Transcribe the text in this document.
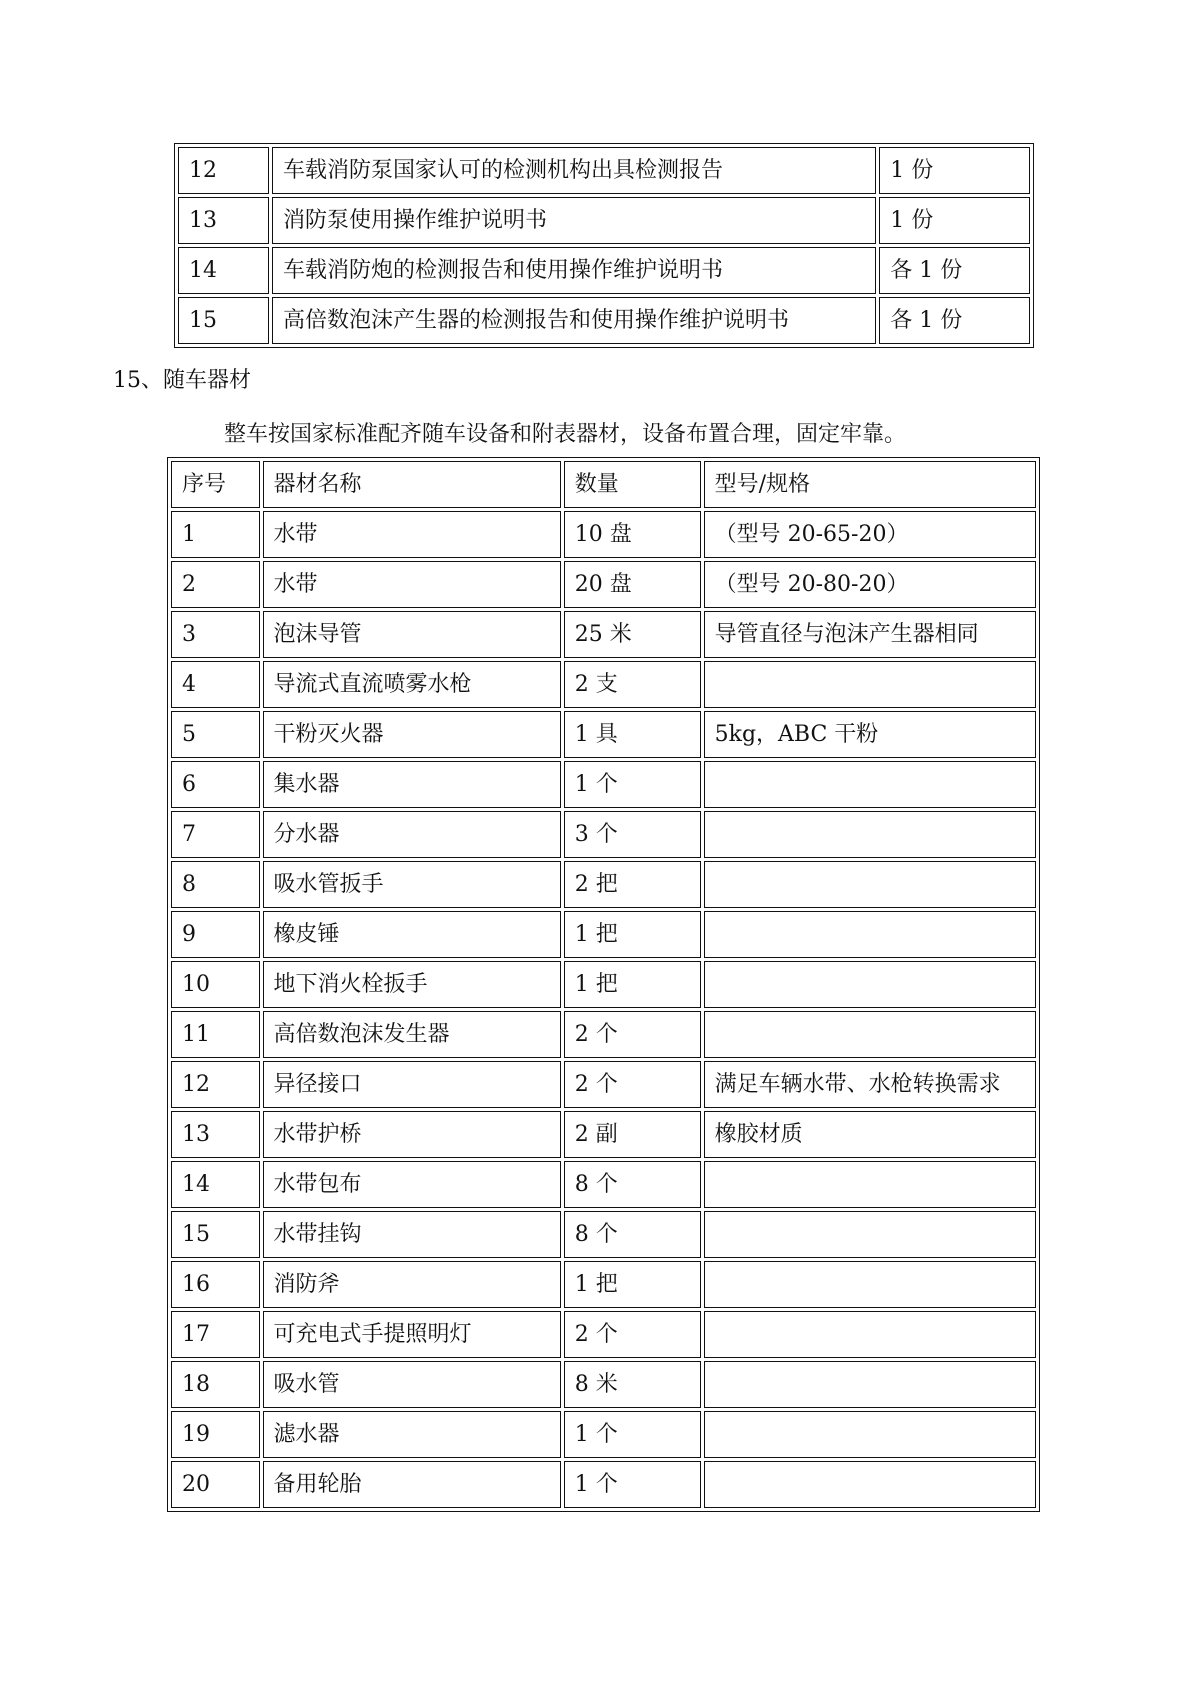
12	车载消防泵国家认可的检测机构出具检测报告	1 份
13	消防泵使用操作维护说明书	1 份
14	车载消防炮的检测报告和使用操作维护说明书	各 1 份
15	高倍数泡沫产生器的检测报告和使用操作维护说明书	各 1 份
15、随车器材
整车按国家标准配齐随车设备和附表器材，设备布置合理，固定牢靠。
序号	器材名称	数量	型号/规格
1	水带	10 盘	（型号 20-65-20）
2	水带	20 盘	（型号 20-80-20）
3	泡沫导管	25 米	导管直径与泡沫产生器相同
4	导流式直流喷雾水枪	2 支	
5	干粉灭火器	1 具	5kg，ABC 干粉
6	集水器	1 个	
7	分水器	3 个	
8	吸水管扳手	2 把	
9	橡皮锤	1 把	
10	地下消火栓扳手	1 把	
11	高倍数泡沫发生器	2 个	
12	异径接口	2 个	满足车辆水带、水枪转换需求
13	水带护桥	2 副	橡胶材质
14	水带包布	8 个	
15	水带挂钩	8 个	
16	消防斧	1 把	
17	可充电式手提照明灯	2 个	
18	吸水管	8 米	
19	滤水器	1 个	
20	备用轮胎	1 个	
